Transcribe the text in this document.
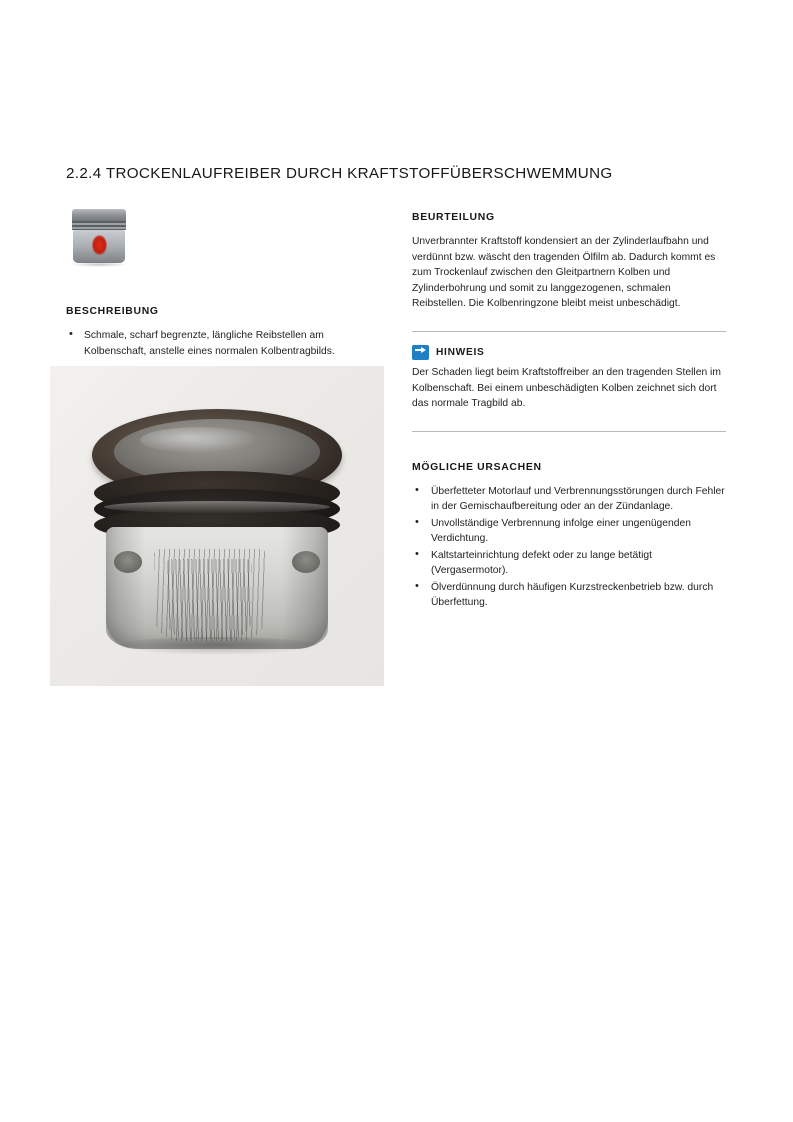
2.2.4 TROCKENLAUFREIBER DURCH KRAFTSTOFFÜBERSCHWEMMUNG
BESCHREIBUNG
• Schmale, scharf begrenzte, längliche Reibstellen am Kolbenschaft, anstelle eines normalen Kolbentragbilds.
BEURTEILUNG

Unverbrannter Kraftstoff kondensiert an der Zylinderlaufbahn und verdünnt bzw. wäscht den tragenden Ölfilm ab. Dadurch kommt es zum Trockenlauf zwischen den Gleitpartnern Kolben und Zylinderbohrung und somit zu langgezogenen, schmalen Reibstellen. Die Kolbenringzone bleibt meist unbeschädigt.

HINWEIS

Der Schaden liegt beim Kraftstoffreiber an den tragenden Stellen im Kolbenschaft. Bei einem unbeschädigten Kolben zeichnet sich dort das normale Tragbild ab.

MÖGLICHE URSACHEN
• Überfetteter Motorlauf und Verbrennungsstörungen durch Fehler in der Gemischaufbereitung oder an der Zündanlage.
• Unvollständige Verbrennung infolge einer ungenügenden Verdichtung.
• Kaltstarteinrichtung defekt oder zu lange betätigt (Vergasermotor).
• Ölverdünnung durch häufigen Kurzstreckenbetrieb bzw. durch Überfettung.
